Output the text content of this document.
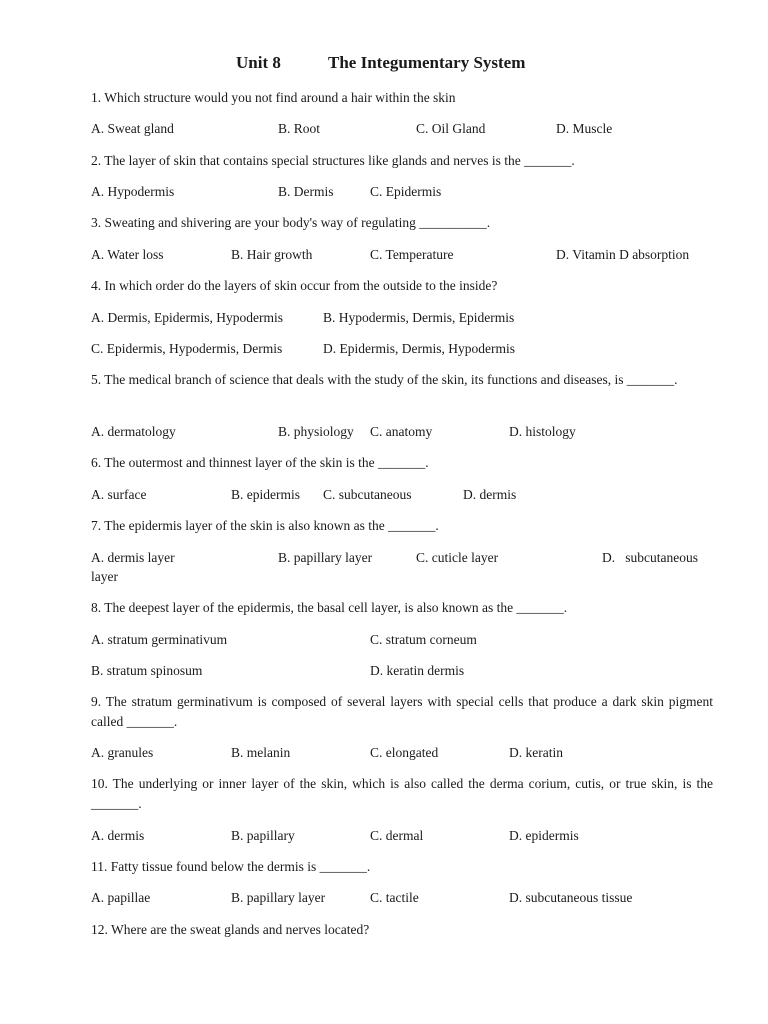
Unit 8	The Integumentary System
1. Which structure would you not find around a hair within the skin
A. Sweat gland	B. Root	C. Oil Gland	D. Muscle
2. The layer of skin that contains special structures like glands and nerves is the _______.
A. Hypodermis	B. Dermis	C. Epidermis
3. Sweating and shivering are your body's way of regulating __________.
A. Water loss	B. Hair growth	C. Temperature	D. Vitamin D absorption
4. In which order do the layers of skin occur from the outside to the inside?
A. Dermis, Epidermis, Hypodermis	B. Hypodermis, Dermis, Epidermis
C. Epidermis, Hypodermis, Dermis	D. Epidermis, Dermis, Hypodermis
5. The medical branch of science that deals with the study of the skin, its functions and diseases, is _______.
A. dermatology	B. physiology C. anatomy	D. histology
6. The outermost and thinnest layer of the skin is the _______.
A. surface	B. epidermis C. subcutaneous	D. dermis
7. The epidermis layer of the skin is also known as the _______.
A. dermis layer	B. papillary layer	C. cuticle layer	D.   subcutaneous
layer
8. The deepest layer of the epidermis, the basal cell layer, is also known as the _______.
A. stratum germinativum	C. stratum corneum
B. stratum spinosum	D. keratin dermis
9. The stratum germinativum is composed of several layers with special cells that produce a dark skin pigment called _______.
A. granules	B. melanin	C. elongated	D. keratin
10. The underlying or inner layer of the skin, which is also called the derma corium, cutis, or true skin, is the _______.
A. dermis	B. papillary	C. dermal	D. epidermis
11. Fatty tissue found below the dermis is _______.
A. papillae	B. papillary layer	C. tactile	D. subcutaneous tissue
12. Where are the sweat glands and nerves located?
